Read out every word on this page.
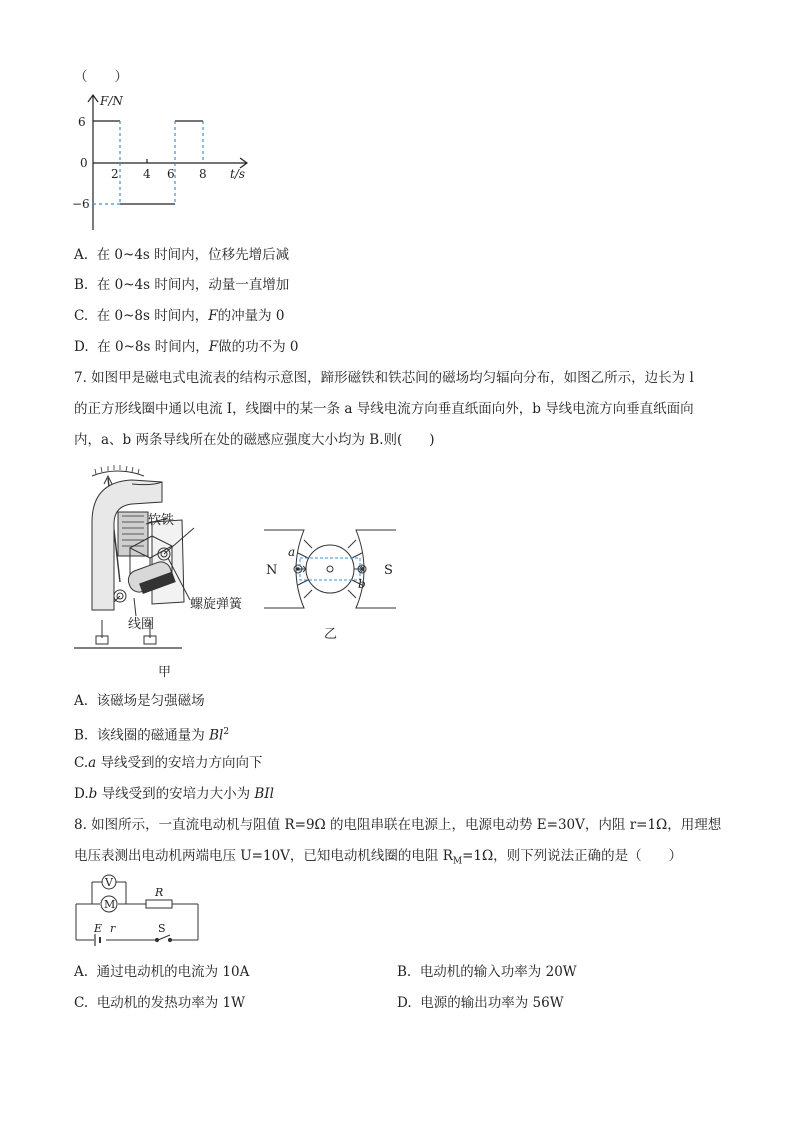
（　　）
F/N
6
0
−6
2 4 6 8 t/s
A. 在 0~4s 时间内，位移先增后减
B. 在 0~4s 时间内，动量一直增加
C. 在 0~8s 时间内，F的冲量为 0
D. 在 0~8s 时间内，F做的功不为 0
7. 如图甲是磁电式电流表的结构示意图，蹄形磁铁和铁芯间的磁场均匀辐向分布，如图乙所示，边长为 l
的正方形线圈中通以电流 I，线圈中的某一条 a 导线电流方向垂直纸面向外，b 导线电流方向垂直纸面向
内，a、b 两条导线所在处的磁感应强度大小均为 B.则(　　)
软铁
螺旋弹簧
线圈
甲
N	S
a
b
乙
A. 该磁场是匀强磁场
B. 该线圈的磁通量为 Bl$^2$
C.a 导线受到的安培力方向向下
D.b 导线受到的安培力大小为 BIl
8. 如图所示，一直流电动机与阻值 R=9Ω 的电阻串联在电源上，电源电动势 E=30V，内阻 r=1Ω，用理想
电压表测出电动机两端电压 U=10V，已知电动机线圈的电阻 $R_M=1\Omega$，则下列说法正确的是（　　）
V
M
R
E r	S
A. 通过电动机的电流为 10A	B. 电动机的输入功率为 20W
C. 电动机的发热功率为 1W	D. 电源的输出功率为 56W
